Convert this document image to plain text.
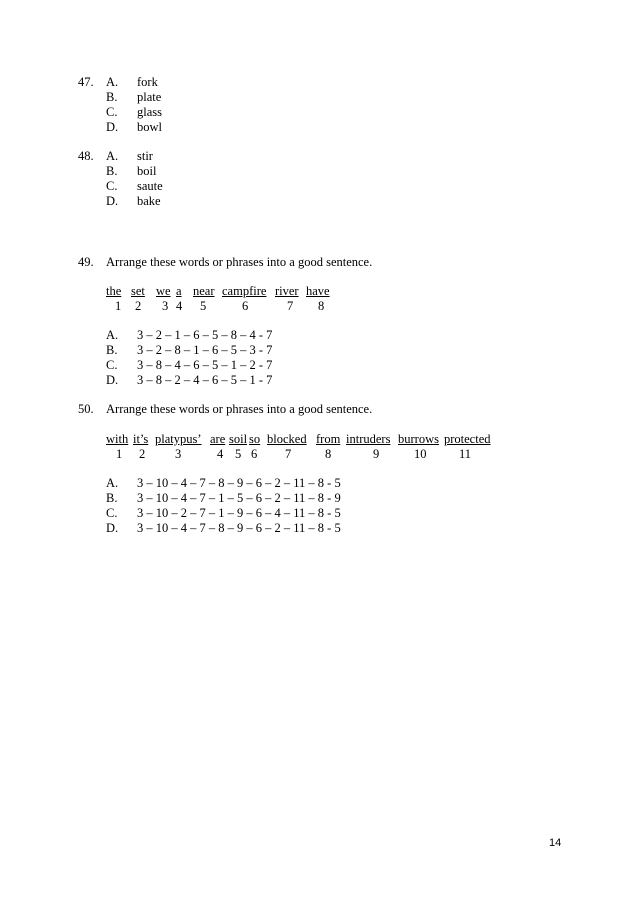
47. A. fork
B. plate
C. glass
D. bowl
48. A. stir
B. boil
C. saute
D. bake
49. Arrange these words or phrases into a good sentence.
the
1
set
2
we
3
a
4
near
5
campfire
6
river
7
have
8
A. 3 – 2 – 1 – 6 – 5 – 8 – 4 - 7
B. 3 – 2 – 8 – 1 – 6 – 5 – 3 - 7
C. 3 – 8 – 4 – 6 – 5 – 1 – 2 - 7
D. 3 – 8 – 2 – 4 – 6 – 5 – 1 - 7
50. Arrange these words or phrases into a good sentence.
with
1
it’s
2
platypus’
3
are
4
soil
5
so
6
blocked
7
from
8
intruders
9
burrows
10
protected
11
A. 3 – 10 – 4 – 7 – 8 – 9 – 6 – 2 – 11 – 8 - 5
B. 3 – 10 – 4 – 7 – 1 – 5 – 6 – 2 – 11 – 8 - 9
C. 3 – 10 – 2 – 7 – 1 – 9 – 6 – 4 – 11 – 8 - 5
D. 3 – 10 – 4 – 7 – 8 – 9 – 6 – 2 – 11 – 8 - 5
14
